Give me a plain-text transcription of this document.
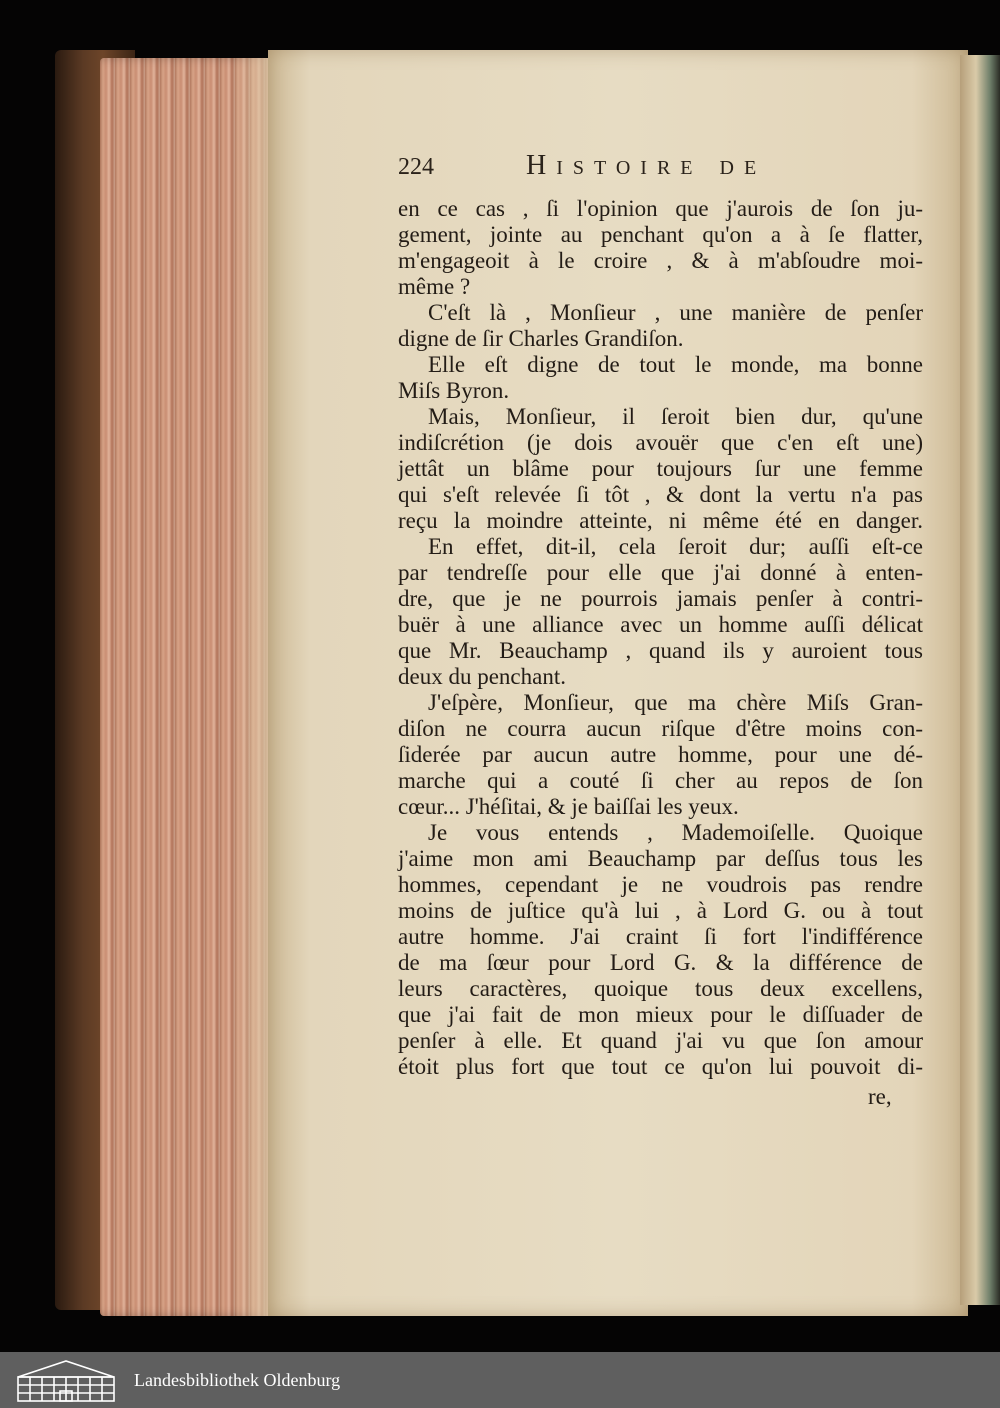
224	Histoire de
en ce cas , ſi l'opinion que j'aurois de ſon ju-
gement, jointe au penchant qu'on a à ſe flatter,
m'engageoit à le croire , & à m'abſoudre moi-
même ?
C'eſt là , Monſieur , une manière de penſer
digne de ſir Charles Grandiſon.
Elle eſt digne de tout le monde, ma bonne
Miſs Byron.
Mais, Monſieur, il ſeroit bien dur, qu'une
indiſcrétion (je dois avouër que c'en eſt une)
jettât un blâme pour toujours ſur une femme
qui s'eſt relevée ſi tôt , & dont la vertu n'a pas
reçu la moindre atteinte, ni même été en danger.
En effet, dit-il, cela ſeroit dur; auſſi eſt-ce
par tendreſſe pour elle que j'ai donné à enten-
dre, que je ne pourrois jamais penſer à contri-
buër à une alliance avec un homme auſſi délicat
que Mr. Beauchamp , quand ils y auroient tous
deux du penchant.
J'eſpère, Monſieur, que ma chère Miſs Gran-
diſon ne courra aucun riſque d'être moins con-
ſiderée par aucun autre homme, pour une dé-
marche qui a couté ſi cher au repos de ſon
cœur... J'héſitai, & je baiſſai les yeux.
Je vous entends , Mademoiſelle. Quoique
j'aime mon ami Beauchamp par deſſus tous les
hommes, cependant je ne voudrois pas rendre
moins de juſtice qu'à lui , à Lord G. ou à tout
autre homme. J'ai craint ſi fort l'indifférence
de ma ſœur pour Lord G. & la différence de
leurs caractères, quoique tous deux excellens,
que j'ai fait de mon mieux pour le diſſuader de
penſer à elle. Et quand j'ai vu que ſon amour
étoit plus fort que tout ce qu'on lui pouvoit di-
re,
Landesbibliothek Oldenburg
